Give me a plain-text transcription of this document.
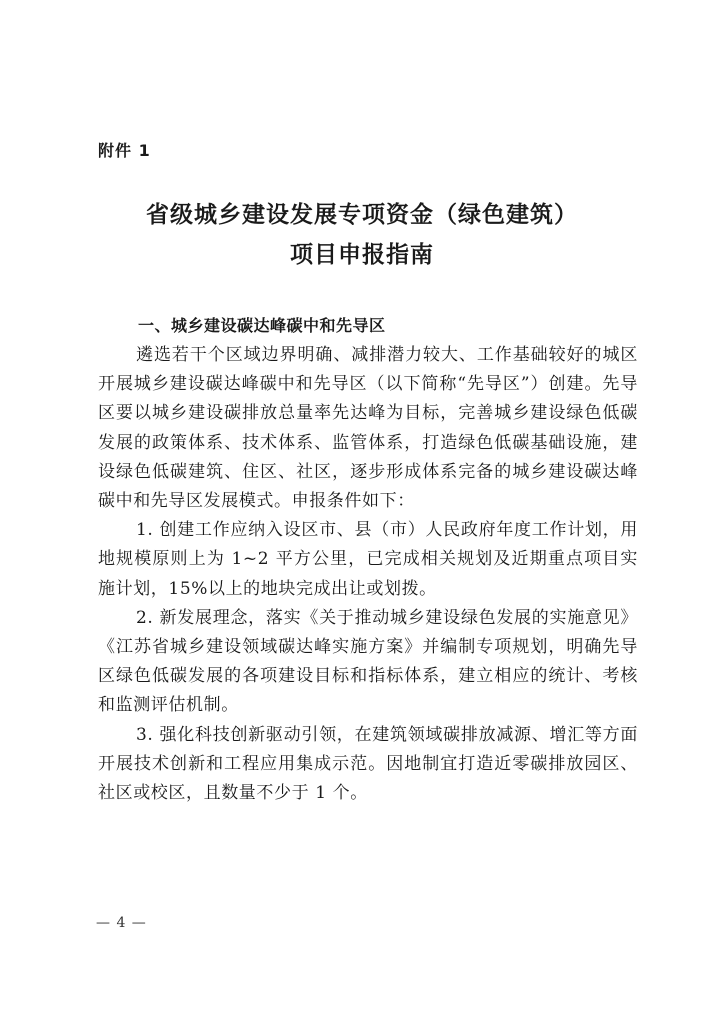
附件 1
省级城乡建设发展专项资金（绿色建筑）
项目申报指南
一、城乡建设碳达峰碳中和先导区

遴选若干个区域边界明确、减排潜力较大、工作基础较好的城区开展城乡建设碳达峰碳中和先导区（以下简称“先导区”）创建。先导区要以城乡建设碳排放总量率先达峰为目标，完善城乡建设绿色低碳发展的政策体系、技术体系、监管体系，打造绿色低碳基础设施，建设绿色低碳建筑、住区、社区，逐步形成体系完备的城乡建设碳达峰碳中和先导区发展模式。申报条件如下：

1. 创建工作应纳入设区市、县（市）人民政府年度工作计划，用地规模原则上为 1~2 平方公里，已完成相关规划及近期重点项目实施计划，15%以上的地块完成出让或划拨。

2. 新发展理念，落实《关于推动城乡建设绿色发展的实施意见》《江苏省城乡建设领域碳达峰实施方案》并编制专项规划，明确先导区绿色低碳发展的各项建设目标和指标体系，建立相应的统计、考核和监测评估机制。

3. 强化科技创新驱动引领，在建筑领域碳排放减源、增汇等方面开展技术创新和工程应用集成示范。因地制宜打造近零碳排放园区、社区或校区，且数量不少于 1 个。

— 4 —
